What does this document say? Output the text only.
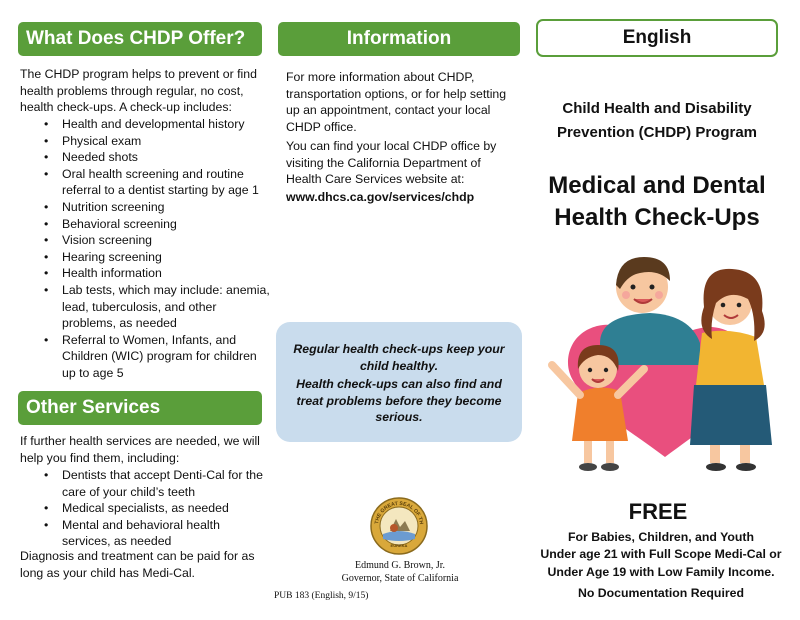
What Does CHDP Offer?

The CHDP program helps to prevent or find health problems through regular, no cost, health check-ups. A check-up includes:

• Health and developmental history
• Physical exam
• Needed shots
• Oral health screening and routine referral to a dentist starting by age 1
• Nutrition screening
• Behavioral screening
• Vision screening
• Hearing screening
• Health information
• Lab tests, which may include: anemia, lead, tuberculosis, and other problems, as needed
• Referral to Women, Infants, and Children (WIC) program for children up to age 5
Other Services

If further health services are needed, we will help you find them, including:

• Dentists that accept Denti-Cal for the care of your child’s teeth
• Medical specialists, as needed
• Mental and behavioral health services, as needed

Diagnosis and treatment can be paid for as long as your child has Medi-Cal.

Information

For more information about CHDP, transportation options, or for help setting up an appointment, contact your local CHDP office.

You can find your local CHDP office by visiting the California Department of Health Care Services website at:

www.dhcs.ca.gov/services/chdp

Regular health check-ups keep your child healthy.

Health check-ups can also find and treat problems before they become serious.

THE GREAT SEAL OF TH
EUREKA

Edmund G. Brown, Jr.

Governor, State of California

PUB 183 (English, 9/15)

English

Child Health and Disability Prevention (CHDP) Program

Medical and Dental Health Check-Ups

FREE

For Babies, Children, and Youth

Under age 21 with Full Scope Medi-Cal or

Under Age 19 with Low Family Income.

No Documentation Required
